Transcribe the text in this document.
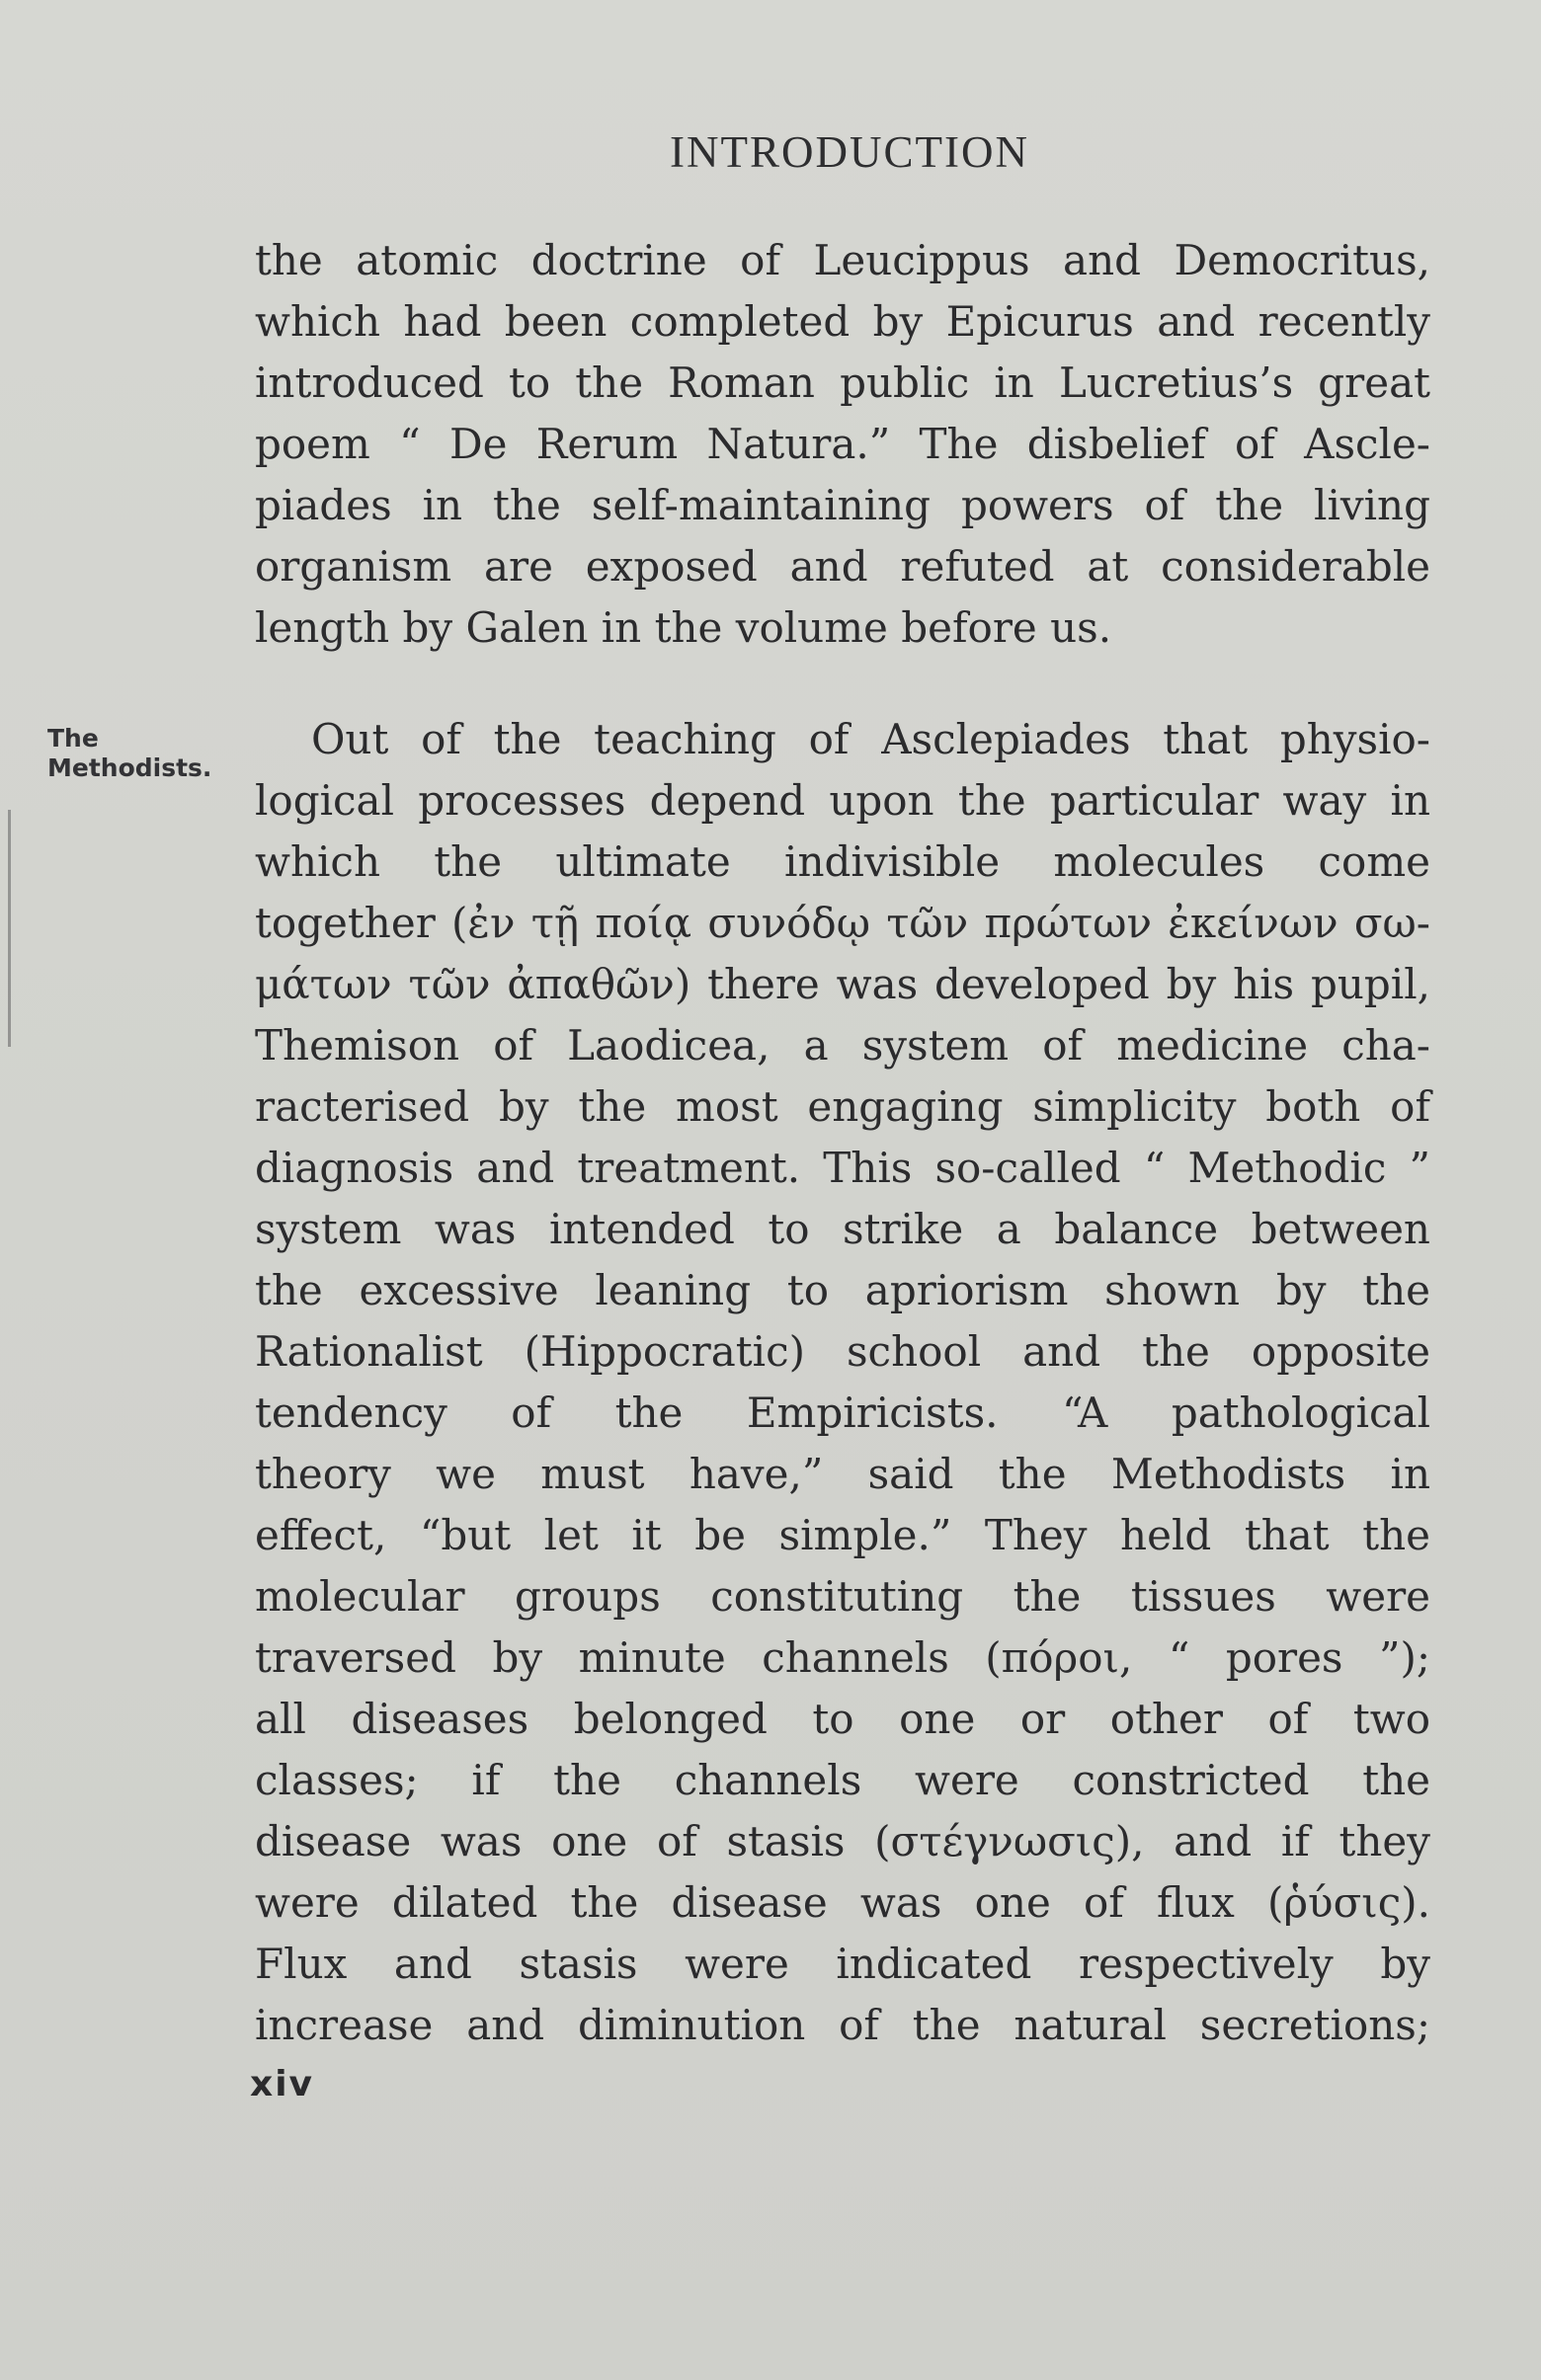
INTRODUCTION
The
Methodists.
the atomic doctrine of Leucippus and Democritus,
which had been completed by Epicurus and recently
introduced to the Roman public in Lucretius’s great
poem “ De Rerum Natura.” The disbelief of Ascle-
piades in the self-maintaining powers of the living
organism are exposed and refuted at considerable
length by Galen in the volume before us.
Out of the teaching of Asclepiades that physio-
logical processes depend upon the particular way in
which the ultimate indivisible molecules come
together (ἐν τῇ ποίᾳ συνόδῳ τῶν πρώτων ἐκείνων σω-
μάτων τῶν ἀπαθῶν) there was developed by his pupil,
Themison of Laodicea, a system of medicine cha-
racterised by the most engaging simplicity both of
diagnosis and treatment. This so-called “ Methodic ”
system was intended to strike a balance between
the excessive leaning to apriorism shown by the
Rationalist (Hippocratic) school and the opposite
tendency of the Empiricists. “A pathological
theory we must have,” said the Methodists in
effect, “but let it be simple.” They held that the
molecular groups constituting the tissues were
traversed by minute channels (πόροι, “ pores ”);
all diseases belonged to one or other of two
classes; if the channels were constricted the
disease was one of stasis (στέγνωσις), and if they
were dilated the disease was one of flux (ῥύσις).
Flux and stasis were indicated respectively by
increase and diminution of the natural secretions;
xiv
